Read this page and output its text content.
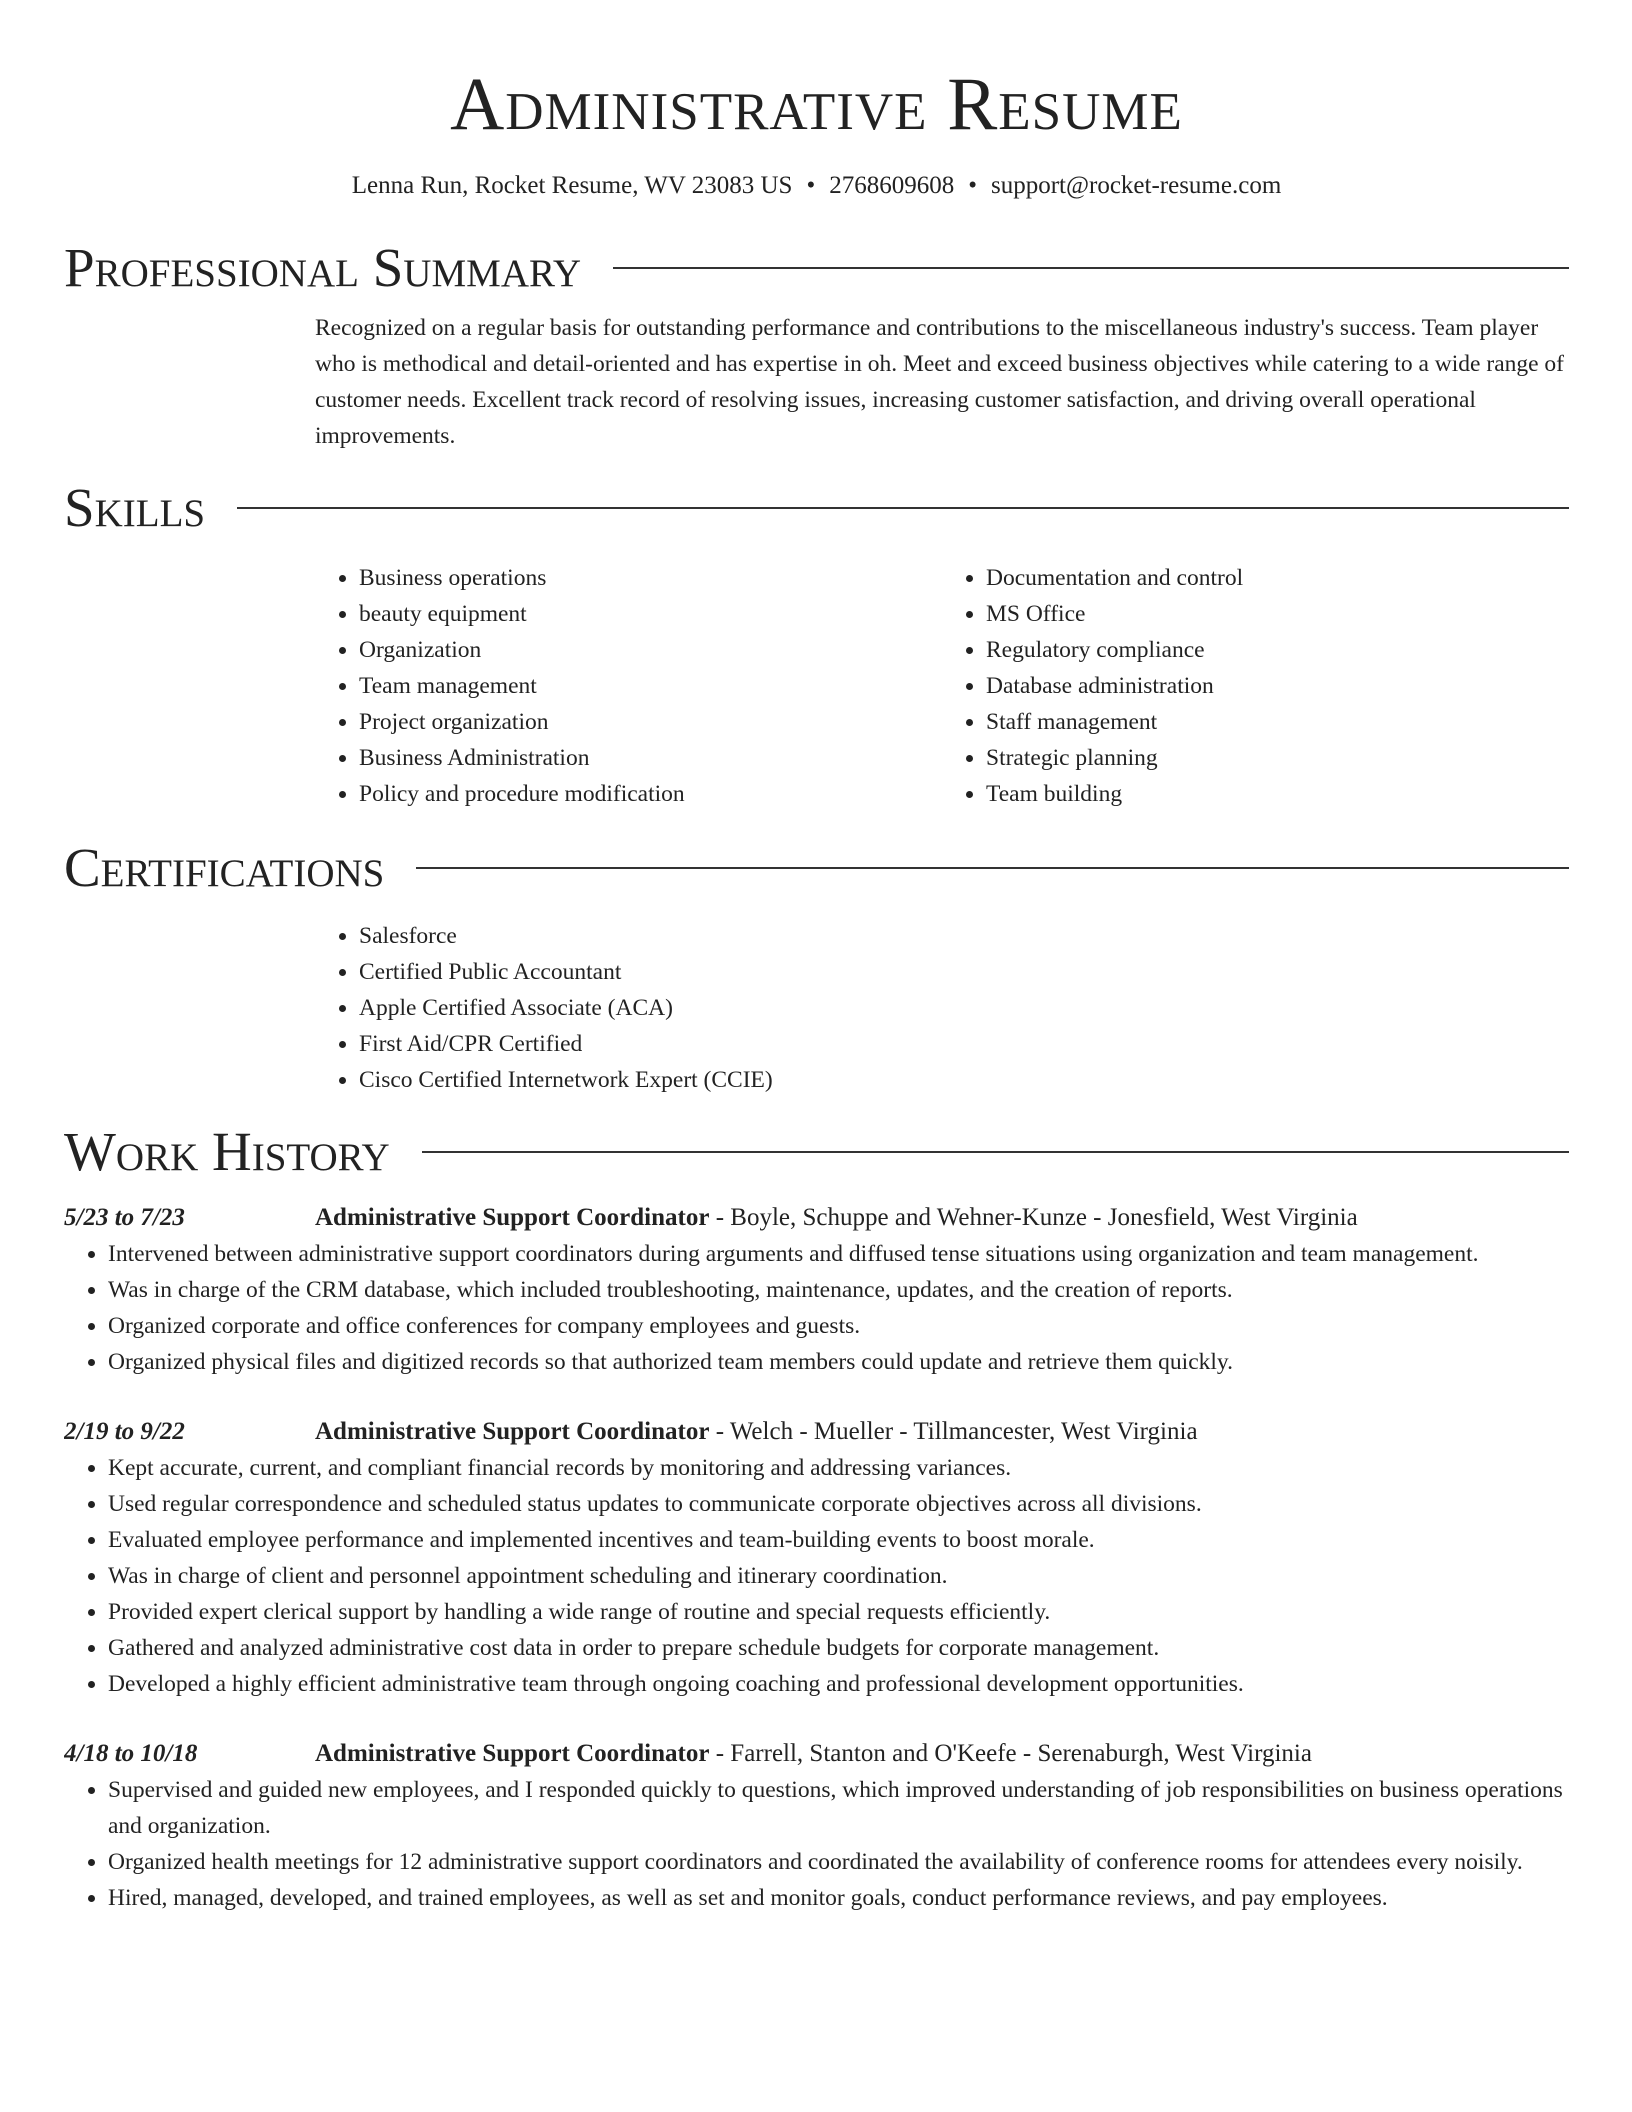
Administrative Resume
Lenna Run, Rocket Resume, WV 23083 US • 2768609608 • support@rocket-resume.com
Professional Summary

Recognized on a regular basis for outstanding performance and contributions to the miscellaneous industry's success. Team player who is methodical and detail-oriented and has expertise in oh. Meet and exceed business objectives while catering to a wide range of customer needs. Excellent track record of resolving issues, increasing customer satisfaction, and driving overall operational improvements.

Skills
• Business operations
• beauty equipment
• Organization
• Team management
• Project organization
• Business Administration
• Policy and procedure modification
• Documentation and control
• MS Office
• Regulatory compliance
• Database administration
• Staff management
• Strategic planning
• Team building
Certifications
• Salesforce
• Certified Public Accountant
• Apple Certified Associate (ACA)
• First Aid/CPR Certified
• Cisco Certified Internetwork Expert (CCIE)
Work History
5/23 to 7/23	Administrative Support Coordinator - Boyle, Schuppe and Wehner-Kunze - Jonesfield, West Virginia
• Intervened between administrative support coordinators during arguments and diffused tense situations using organization and team management.
• Was in charge of the CRM database, which included troubleshooting, maintenance, updates, and the creation of reports.
• Organized corporate and office conferences for company employees and guests.
• Organized physical files and digitized records so that authorized team members could update and retrieve them quickly.
2/19 to 9/22	Administrative Support Coordinator - Welch - Mueller - Tillmancester, West Virginia
• Kept accurate, current, and compliant financial records by monitoring and addressing variances.
• Used regular correspondence and scheduled status updates to communicate corporate objectives across all divisions.
• Evaluated employee performance and implemented incentives and team-building events to boost morale.
• Was in charge of client and personnel appointment scheduling and itinerary coordination.
• Provided expert clerical support by handling a wide range of routine and special requests efficiently.
• Gathered and analyzed administrative cost data in order to prepare schedule budgets for corporate management.
• Developed a highly efficient administrative team through ongoing coaching and professional development opportunities.
4/18 to 10/18	Administrative Support Coordinator - Farrell, Stanton and O'Keefe - Serenaburgh, West Virginia
• Supervised and guided new employees, and I responded quickly to questions, which improved understanding of job responsibilities on business operations and organization.
• Organized health meetings for 12 administrative support coordinators and coordinated the availability of conference rooms for attendees every noisily.
• Hired, managed, developed, and trained employees, as well as set and monitor goals, conduct performance reviews, and pay employees.
